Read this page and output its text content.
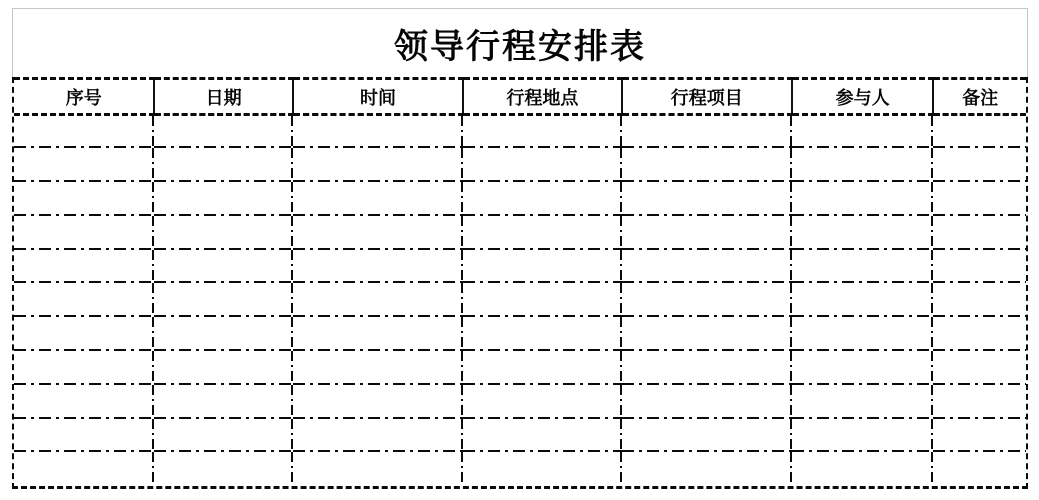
领导行程安排表
序号	日期	时间	行程地点	行程项目	参与人	备注
